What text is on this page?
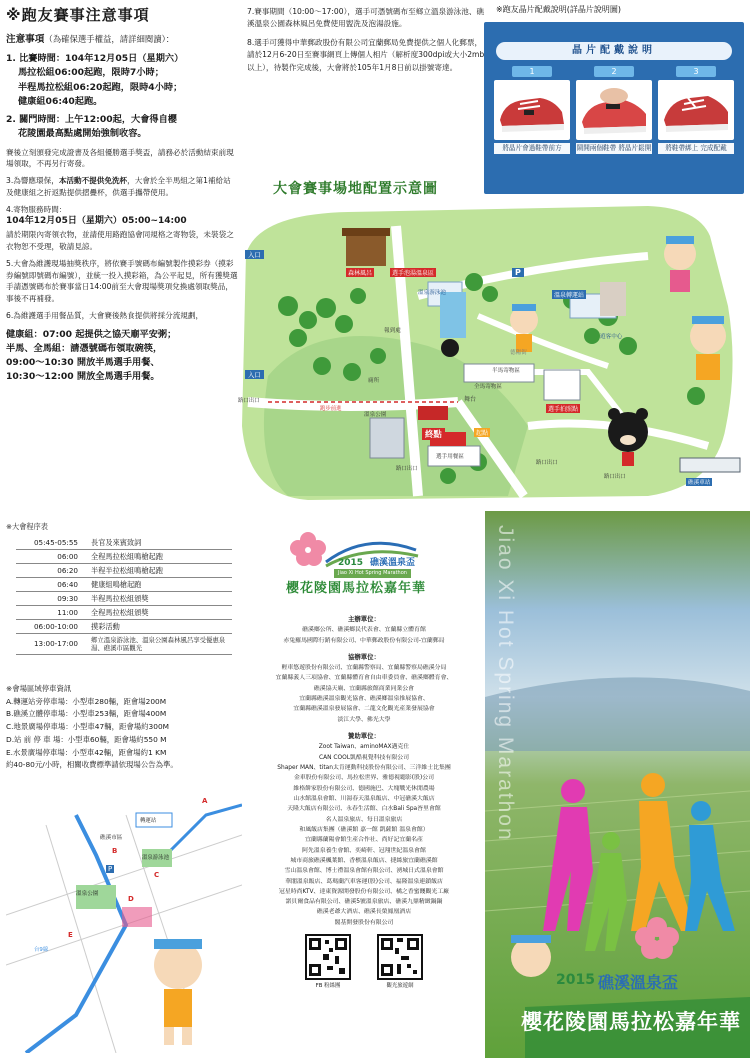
※跑友賽事注意事項
注意事項（為確保選手權益，請詳細閱讀）：
1. 比賽時間：104年12月05日（星期六）
馬拉松組06:00起跑，限時7小時；
半程馬拉松組06:20起跑，限時4小時；
健康組06:40起跑。
2. 關門時間：上午12:00起，大會得自櫻
花陵園最高點處開始強制收容。

賽後立刻頒發完成證書及各組優勝選手獎盃，請務必於活動結束前現場領取，不再另行寄發。

3.為響應環保，本活動不提供免洗杯，大會於全半馬組之第1補給站及健康組之折返點提供摺疊杯，供選手攜帶使用。

4.寄物服務時間：
104年12月05日（星期六）05:00~14:00
請於期限內寄領衣物，並請使用路跑協會同規格之寄物袋，未裝袋之衣物恕不受理，敬請見諒。

5.大會為維護現場抽獎秩序，將依賽手號碼布編號製作摸彩券（摸彩券編號即號碼布編號），並統一投入摸彩箱，為公平起見，所有獲獎選手請憑號碼布於賽事當日14:00前至大會現場獎項兌換處領取獎品，事後不再補發。

6.為維護選手用餐品質，大會賽後熱食提供將採分流規劃，

健康組：07:00 起提供之協天廟平安粥；
半馬、全馬組：請憑號碼布領取碗筷，
09:00～10:30 開放半馬選手用餐、
10:30～12:00 開放全馬選手用餐。

7.賽事期間（10:00～17:00），選手可憑號碼布至鄉立溫泉游泳池、礁溪溫泉公園森林風呂免費使用盥洗及泡湯設施。

8.選手可獲得中華郵政股份有限公司宜蘭郵局免費提供之個人化郵票，請於12月6-20日至賽事網頁上傳個人相片（解析度300dpi或大小2mb以上），待製作完成後，大會將於105年1月8日前以掛號寄達。

※跑友晶片配戴說明(詳晶片說明圖)
晶片配戴說明
1
將晶片會過鞋帶前方
2
鬧開兩個鞋帶 將晶片鬆開
3
將鞋帶綁上 完成配戴
大會賽事場地配置示意圖
入口
入口
森林風呂	選手泡湯溫泉區
溫泉游泳池	溫泉轉運站
遊客中心
舞台
終點	起點
選手拍照點
半馬寄物區
全馬寄物區
德陽街
路口出口
路口出口
路口出口
路口出口
跑步前進
選手用餐區
溫泉公園
礁溪車站
報到處
廁所
P
※大會程序表
05:45-05:55	長官及來賓致詞
06:00	全程馬拉松組鳴槍起跑
06:20	半程半拉松組鳴槍起跑
06:40	健康組鳴槍起跑
09:30	半程馬拉松組頒獎
11:00	全程馬拉松組頒獎
06:00-10:00	摸彩活動
13:00-17:00	鄉立溫泉游泳池、溫泉公園森林風呂享受優惠泉湯、礁溪市區觀光
※會場區域停車資訊
A.轉運站旁停車場：小型車280輛，距會場200M
B.礁溪立體停車場：小型車253輛，距會場400M
C.地景廣場停車場：小型車47輛，距會場約300M
D.站 前 停 車 場：小型車60輛，距會場約550 M
E.水景廣場停車場：小型車42輛，距會場約1 KM
約40-80元/小時，相關收費標準請依現場公告為準。
礁溪市區
溫泉公園
溫泉游泳池
轉運站
台9線
A
B
C
D
E
P
2015 礁溪溫泉盃
Jiao Xi Hot Spring Marathon
櫻花陵園馬拉松嘉年華
主辦單位：
礁溪鄉公所、礁溪鄉民代表會、宜蘭縣立體育館
赤兔羅馬國際行銷有限公司、中華郵政股份有限公司-宜蘭郵局
協辦單位：
輕車悠遊股份有限公司、宜蘭縣警察局、宜蘭縣警察局礁溪分局
宜蘭縣義人三項協會、宜蘭縣體育會自由車委員會、礁溪鄉體育會、
礁溪協天廟、宜蘭縣旅館商業同業公會
宜蘭縣礁溪溫泉觀光協會、礁溪鄉溫泉推展協會、
宜蘭縣礁溪溫泉發展協會、二龍文化觀光產業發展協會
淡江大學、佛光大學
贊助單位：
Zoot Taiwan、aminoMAX邁克仕
CAN COOL凱酷視覺科技有限公司
Shaper MAN、titan太肯運動科技股份有限公司、三洋維士比集團
金車股份有限公司、馬拉松世界、雅德視聽影(股)公司
維格餅家股份有限公司、德國施巴、大塊戰光休閒農場
山水館溫泉會館、川湯春天溫泉飯店、中冠礁溪大飯店
天隆大飯店有限公司、永春生活館、白水Bali Spa峇里會館
名人溫泉旅店、每日溫泉旅店
和風飯店集團（礁溪館 嘉一館 凱薩館 溫泉會館）
宜蘭縣蘭陽會館生產合作社、尚好記宜蘭名產
阿先溫泉養生會館、奕崎軒、冠翔世紀溫泉會館
城市商旅礁溪楓葉館、香檳溫泉飯店、捷絲旅宜蘭礁溪館
雪山溫泉會館、博士禮溫泉會館有限公司、湧城日式溫泉會館
華閣溫泉飯店、葛瑪蘭汽車客運(股)公司、福隆溫泉連鎖飯店
冠星時尚KTV、達東資源開發股份有限公司、橘之香蜜餞觀光工廠
諾貝爾食品有限公司、礁溪5號溫泉旅店、礁溪九鼎精緻鍋鍋
礁溪老爺大酒店、礁溪長榮鳳凰酒店
閣基開發股份有限公司
FB 粉絲團	觀光旅遊網
Jiao Xi Hot Spring Marathon
2015 礁溪溫泉盃
櫻花陵園馬拉松嘉年華
